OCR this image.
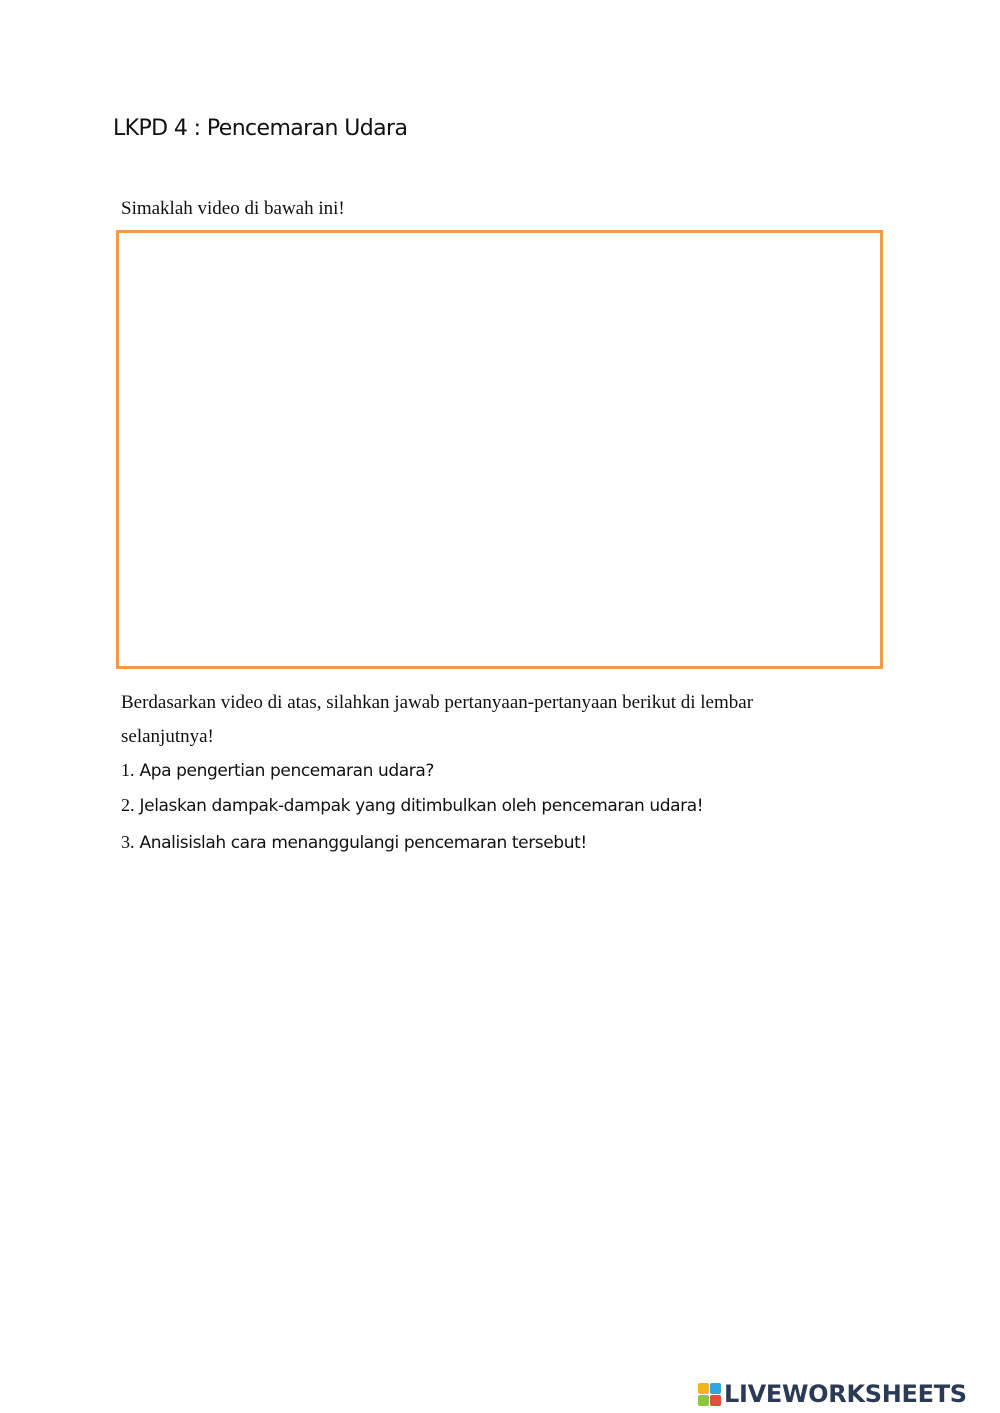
LKPD 4 : Pencemaran Udara
Simaklah video di bawah ini!
Berdasarkan video di atas, silahkan jawab pertanyaan-pertanyaan berikut di lembar selanjutnya!
1. Apa pengertian pencemaran udara?
2. Jelaskan dampak-dampak yang ditimbulkan oleh pencemaran udara!
3. Analisislah cara menanggulangi pencemaran tersebut!
LIVEWORKSHEETS
